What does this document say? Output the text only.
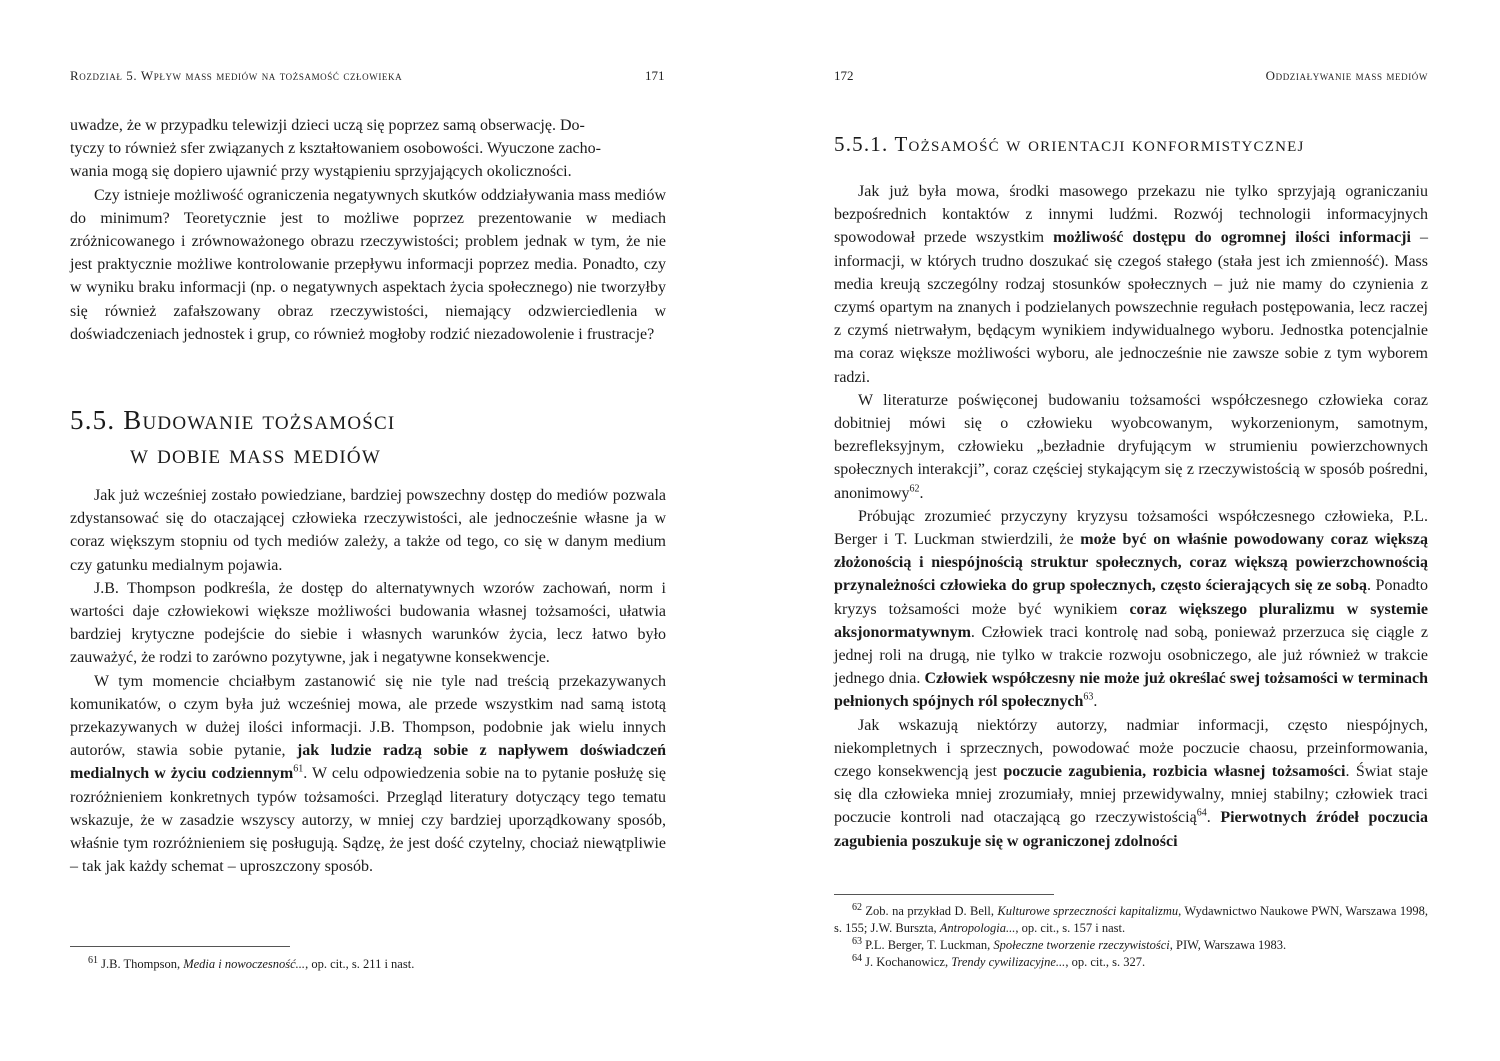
Rozdział 5. Wpływ mass mediów na tożsamość człowieka	171
uwadze, że w przypadku telewizji dzieci uczą się poprzez samą obserwację. Do-
tyczy to również sfer związanych z kształtowaniem osobowości. Wyuczone zacho-
wania mogą się dopiero ujawnić przy wystąpieniu sprzyjających okoliczności.

Czy istnieje możliwość ograniczenia negatywnych skutków oddziaływania mass mediów do minimum? Teoretycznie jest to możliwe poprzez prezentowanie w mediach zróżnicowanego i zrównoważonego obrazu rzeczywistości; problem jednak w tym, że nie jest praktycznie możliwe kontrolowanie przepływu informacji poprzez media. Ponadto, czy w wyniku braku informacji (np. o negatywnych aspektach życia społecznego) nie tworzyłby się również zafałszowany obraz rzeczywistości, niemający odzwierciedlenia w doświadczeniach jednostek i grup, co również mogłoby rodzić niezadowolenie i frustracje?

5.5. Budowanie tożsamości
w dobie mass mediów

Jak już wcześniej zostało powiedziane, bardziej powszechny dostęp do mediów pozwala zdystansować się do otaczającej człowieka rzeczywistości, ale jednocześnie własne ja w coraz większym stopniu od tych mediów zależy, a także od tego, co się w danym medium czy gatunku medialnym pojawia.

J.B. Thompson podkreśla, że dostęp do alternatywnych wzorów zachowań, norm i wartości daje człowiekowi większe możliwości budowania własnej tożsamości, ułatwia bardziej krytyczne podejście do siebie i własnych warunków życia, lecz łatwo było zauważyć, że rodzi to zarówno pozytywne, jak i negatywne konsekwencje.

W tym momencie chciałbym zastanowić się nie tyle nad treścią przekazywanych komunikatów, o czym była już wcześniej mowa, ale przede wszystkim nad samą istotą przekazywanych w dużej ilości informacji. J.B. Thompson, podobnie jak wielu innych autorów, stawia sobie pytanie, jak ludzie radzą sobie z napływem doświadczeń medialnych w życiu codziennym$^{61}$. W celu odpowiedzenia sobie na to pytanie posłużę się rozróżnieniem konkretnych typów tożsamości. Przegląd literatury dotyczący tego tematu wskazuje, że w zasadzie wszyscy autorzy, w mniej czy bardziej uporządkowany sposób, właśnie tym rozróżnieniem się posługują. Sądzę, że jest dość czytelny, chociaż niewątpliwie – tak jak każdy schemat – uproszczony sposób.

$^{61}$ J.B. Thompson, Media i nowoczesność..., op. cit., s. 211 i nast.

172	Oddziaływanie mass mediów
5.5.1. Tożsamość w orientacji konformistycznej

Jak już była mowa, środki masowego przekazu nie tylko sprzyjają ograniczaniu bezpośrednich kontaktów z innymi ludźmi. Rozwój technologii informacyjnych spowodował przede wszystkim możliwość dostępu do ogromnej ilości informacji – informacji, w których trudno doszukać się czegoś stałego (stała jest ich zmienność). Mass media kreują szczególny rodzaj stosunków społecznych – już nie mamy do czynienia z czymś opartym na znanych i podzielanych powszechnie regułach postępowania, lecz raczej z czymś nietrwałym, będącym wynikiem indywidualnego wyboru. Jednostka potencjalnie ma coraz większe możliwości wyboru, ale jednocześnie nie zawsze sobie z tym wyborem radzi.

W literaturze poświęconej budowaniu tożsamości współczesnego człowieka coraz dobitniej mówi się o człowieku wyobcowanym, wykorzenionym, samotnym, bezrefleksyjnym, człowieku „bezładnie dryfującym w strumieniu powierzchownych społecznych interakcji”, coraz częściej stykającym się z rzeczywistością w sposób pośredni, anonimowy$^{62}$.

Próbując zrozumieć przyczyny kryzysu tożsamości współczesnego człowieka, P.L. Berger i T. Luckman stwierdzili, że może być on właśnie powodowany coraz większą złożonością i niespójnością struktur społecznych, coraz większą powierzchownością przynależności człowieka do grup społecznych, często ścierających się ze sobą. Ponadto kryzys tożsamości może być wynikiem coraz większego pluralizmu w systemie aksjonormatywnym. Człowiek traci kontrolę nad sobą, ponieważ przerzuca się ciągle z jednej roli na drugą, nie tylko w trakcie rozwoju osobniczego, ale już również w trakcie jednego dnia. Człowiek współczesny nie może już określać swej tożsamości w terminach pełnionych spójnych ról społecznych$^{63}$.

Jak wskazują niektórzy autorzy, nadmiar informacji, często niespójnych, niekompletnych i sprzecznych, powodować może poczucie chaosu, przeinformowania, czego konsekwencją jest poczucie zagubienia, rozbicia własnej tożsamości. Świat staje się dla człowieka mniej zrozumiały, mniej przewidywalny, mniej stabilny; człowiek traci poczucie kontroli nad otaczającą go rzeczywistością$^{64}$. Pierwotnych źródeł poczucia zagubienia poszukuje się w ograniczonej zdolności

$^{62}$ Zob. na przykład D. Bell, Kulturowe sprzeczności kapitalizmu, Wydawnictwo Naukowe PWN, Warszawa 1998, s. 155; J.W. Bursztа, Antropologia..., op. cit., s. 157 i nast.

$^{63}$ P.L. Berger, T. Luckman, Społeczne tworzenie rzeczywistości, PIW, Warszawa 1983.

$^{64}$ J. Kochanowicz, Trendy cywilizacyjne..., op. cit., s. 327.
